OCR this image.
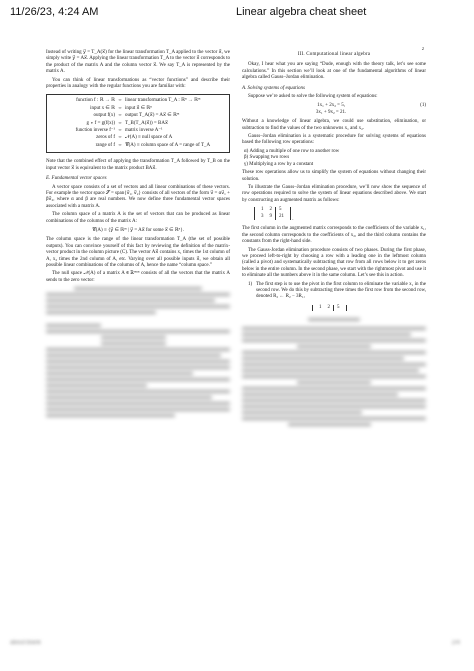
11/26/23, 4:24 AM	Linear algebra cheat sheet
2

Instead of writing y⃗ = T_A(x⃗) for the linear transformation T_A applied to the vector x⃗, we simply write y⃗ = Ax⃗. Applying the linear transformation T_A to the vector x⃗ corresponds to the product of the matrix A and the column vector x⃗. We say T_A is represented by the matrix A.

You can think of linear transformations as “vector functions” and describe their properties in analogy with the regular functions you are familiar with:

function f : ℝ → ℝ ⇔ linear transformation T_A : ℝⁿ → ℝᵐ
input x ∈ ℝ ⇔ input x⃗ ∈ ℝⁿ
output f(x) ⇔ output T_A(x⃗) = Ax⃗ ∈ ℝᵐ
g ∘ f = g(f(x)) ⇔ T_B(T_A(x⃗)) = BAx⃗
function inverse f⁻¹ ⇔ matrix inverse A⁻¹
zeros of f ⇔ 𝒩(A) ≡ null space of A
range of f ⇔ 𝒞(A) ≡ column space of A = range of T_A

Note that the combined effect of applying the transformation T_A followed by T_B on the input vector x⃗ is equivalent to the matrix product BAx⃗.

E. Fundamental vector spaces

A vector space consists of a set of vectors and all linear combinations of these vectors. For example the vector space 𝒮 = span{v⃗₁, v⃗₂} consists of all vectors of the form v⃗ = αv⃗₁ + βv⃗₂, where α and β are real numbers. We now define three fundamental vector spaces associated with a matrix A.

The column space of a matrix A is the set of vectors that can be produced as linear combinations of the columns of the matrix A:

𝒞(A) ≡ {y⃗ ∈ ℝᵐ | y⃗ = Ax⃗ for some x⃗ ∈ ℝⁿ}.

The column space is the range of the linear transformation T_A (the set of possible outputs). You can convince yourself of this fact by reviewing the definition of the matrix-vector product in the column picture (C). The vector Ax⃗ contains x₁ times the 1st column of A, x₂ times the 2nd column of A, etc. Varying over all possible inputs x⃗, we obtain all possible linear combinations of the columns of A, hence the name “column space.”

The null space 𝒩(A) of a matrix A ∈ ℝᵐˣⁿ consists of all the vectors that the matrix A sends to the zero vector:

III. Computational linear algebra

Okay, I hear what you are saying “Dude, enough with the theory talk, let’s see some calculations.” In this section we’ll look at one of the fundamental algorithms of linear algebra called Gauss–Jordan elimination.

A. Solving systems of equations

Suppose we’re asked to solve the following system of equations:

1x₁ + 2x₂ = 5,
3x₁ + 9x₂ = 21.
(1)

Without a knowledge of linear algebra, we could use substitution, elimination, or subtraction to find the values of the two unknowns x₁ and x₂.

Gauss–Jordan elimination is a systematic procedure for solving systems of equations based the following row operations:

α) Adding a multiple of one row to another row
β) Swapping two rows
γ) Multiplying a row by a constant

These row operations allow us to simplify the system of equations without changing their solution.

To illustrate the Gauss–Jordan elimination procedure, we’ll now show the sequence of row operations required to solve the system of linear equations described above. We start by constructing an augmented matrix as follows:

1	2	5
3	9	21
.

The first column in the augmented matrix corresponds to the coefficients of the variable x₁, the second column corresponds to the coefficients of x₂, and the third column contains the constants from the right-hand side.

The Gauss-Jordan elimination procedure consists of two phases. During the first phase, we proceed left-to-right by choosing a row with a leading one in the leftmost column (called a pivot) and systematically subtracting that row from all rows below it to get zeros below in the entire column. In the second phase, we start with the rightmost pivot and use it to eliminate all the numbers above it in the same column. Let’s see this in action.

1) The first step is to use the pivot in the first column to eliminate the variable x₁ in the second row. We do this by subtracting three times the first row from the second row, denoted R₂ ← R₂ − 3R₁,
1	2	5
about:blank	2/4
